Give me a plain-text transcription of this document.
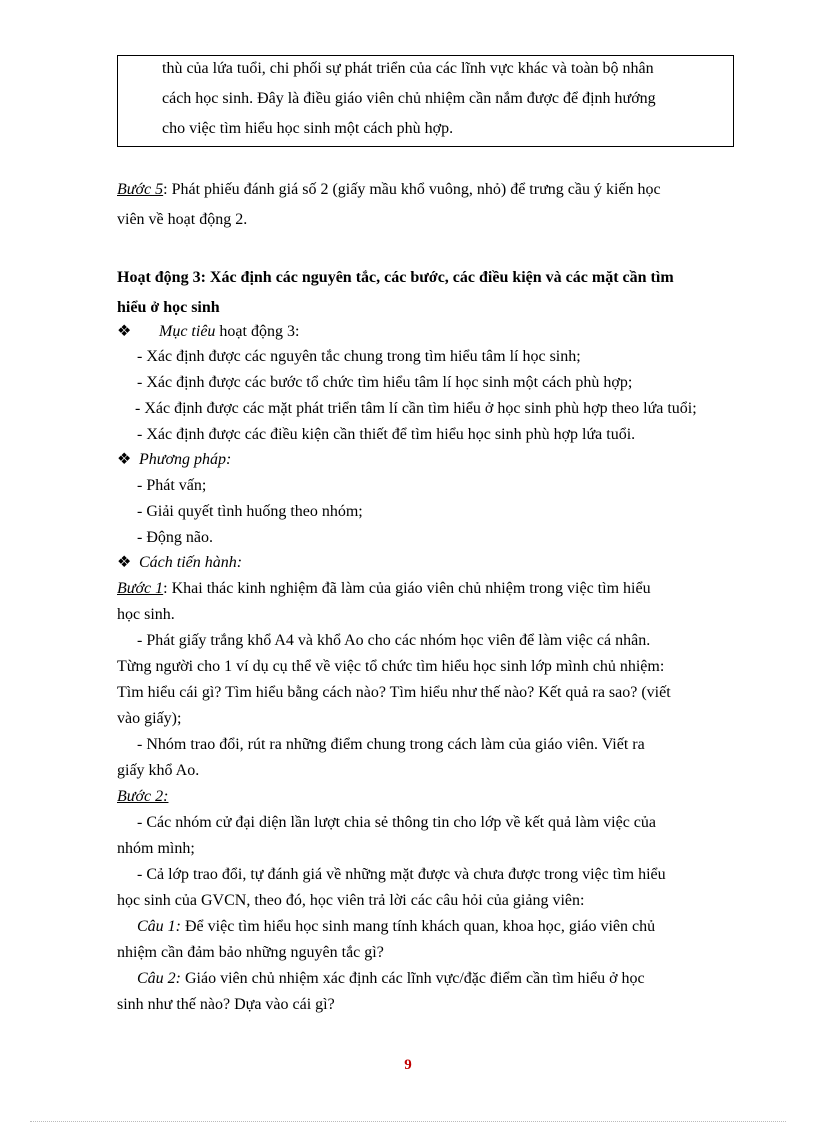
thù của lứa tuổi, chi phối sự phát triển của các lĩnh vực khác và toàn bộ nhân

cách học sinh. Đây là điều giáo viên chủ nhiệm cần nắm được để định hướng

cho việc tìm hiểu học sinh một cách phù hợp.

Bước 5: Phát phiếu đánh giá số 2 (giấy mầu khổ vuông, nhỏ) để trưng cầu ý kiến học

viên về hoạt động 2.

Hoạt động 3: Xác định các nguyên tắc, các bước, các điều kiện và các mặt cần tìm

hiểu ở học sinh

❖ Mục tiêu hoạt động 3:

- Xác định được các nguyên tắc chung trong tìm hiểu tâm lí học sinh;

- Xác định được các bước tổ chức tìm hiểu tâm lí học sinh một cách phù hợp;

- Xác định được các mặt phát triển tâm lí cần tìm hiểu ở học sinh phù hợp theo lứa tuổi;

- Xác định được các điều kiện cần thiết để tìm hiểu học sinh phù hợp lứa tuổi.

❖ Phương pháp:

- Phát vấn;

- Giải quyết tình huống theo nhóm;

- Động não.

❖ Cách tiến hành:

Bước 1: Khai thác kinh nghiệm đã làm của giáo viên chủ nhiệm trong việc tìm hiểu

học sinh.

- Phát giấy trắng khổ A4 và khổ Ao cho các nhóm học viên để làm việc cá nhân.

Từng người cho 1 ví dụ cụ thể về việc tổ chức tìm hiểu học sinh lớp mình chủ nhiệm:

Tìm hiểu cái gì? Tìm hiểu bằng cách nào? Tìm hiểu như thế nào? Kết quả ra sao? (viết

vào giấy);

- Nhóm trao đổi, rút ra những điểm chung trong cách làm của giáo viên. Viết ra

giấy khổ Ao.

Bước 2:

- Các nhóm cử đại diện lần lượt chia sẻ thông tin cho lớp về kết quả làm việc của

nhóm mình;

- Cả lớp trao đổi, tự đánh giá về những mặt được và chưa được trong việc tìm hiểu

học sinh của GVCN, theo đó, học viên trả lời các câu hỏi của giảng viên:

Câu 1: Để việc tìm hiểu học sinh mang tính khách quan, khoa học, giáo viên chủ

nhiệm cần đảm bảo những nguyên tắc gì?

Câu 2: Giáo viên chủ nhiệm xác định các lĩnh vực/đặc điểm cần tìm hiểu ở học

sinh như thế nào? Dựa vào cái gì?

9
